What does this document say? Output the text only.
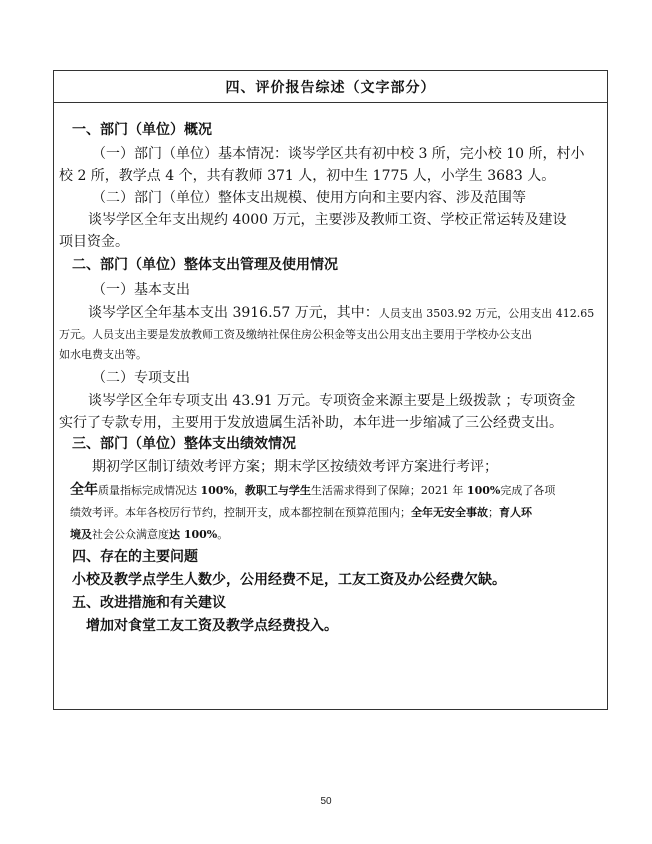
四、评价报告综述（文字部分）
一、部门（单位）概况
（一）部门（单位）基本情况：谈岑学区共有初中校 3 所，完小校 10 所，村小
校 2 所，教学点 4 个，共有教师 371 人，初中生 1775 人，小学生 3683 人。
（二）部门（单位）整体支出规模、使用方向和主要内容、涉及范围等
谈岑学区全年支出规约 4000 万元，主要涉及教师工资、学校正常运转及建设
项目资金。
二、部门（单位）整体支出管理及使用情况
（一）基本支出
谈岑学区全年基本支出 3916.57 万元，其中：人员支出 3503.92 万元，公用支出 412.65
万元。人员支出主要是发放教师工资及缴纳社保住房公积金等支出公用支出主要用于学校办公支出
如水电费支出等。
（二）专项支出
谈岑学区全年专项支出 43.91 万元。专项资金来源主要是上级拨款 ；专项资金
实行了专款专用，主要用于发放遗属生活补助，本年进一步缩减了三公经费支出。
三、部门（单位）整体支出绩效情况
期初学区制订绩效考评方案；期末学区按绩效考评方案进行考评；
全年质量指标完成情况达 100%，教职工与学生生活需求得到了保障；2021 年 100%完成了各项
绩效考评。本年各校厉行节约，控制开支，成本都控制在预算范围内；全年无安全事故；育人环
境及社会公众满意度达 100%。
四、存在的主要问题
小校及教学点学生人数少，公用经费不足，工友工资及办公经费欠缺。
五、改进措施和有关建议
增加对食堂工友工资及教学点经费投入。
50
